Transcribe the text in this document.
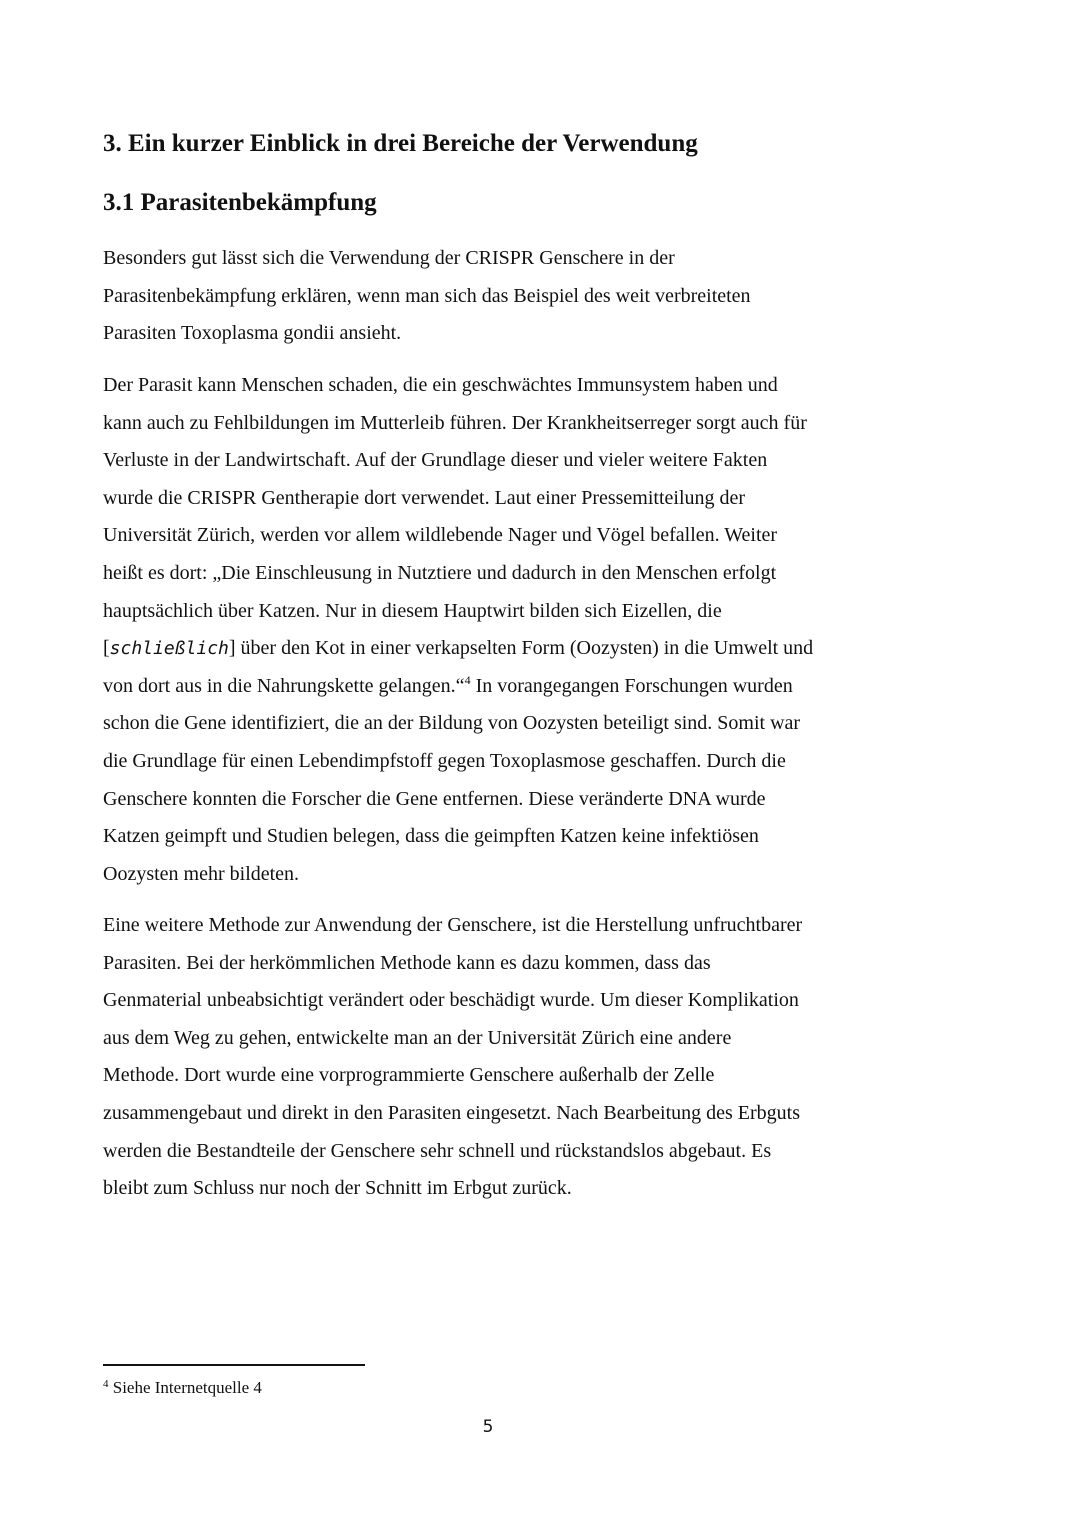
3. Ein kurzer Einblick in drei Bereiche der Verwendung
3.1 Parasitenbekämpfung
Besonders gut lässt sich die Verwendung der CRISPR Genschere in der
Parasitenbekämpfung erklären, wenn man sich das Beispiel des weit verbreiteten
Parasiten Toxoplasma gondii ansieht.
Der Parasit kann Menschen schaden, die ein geschwächtes Immunsystem haben und
kann auch zu Fehlbildungen im Mutterleib führen. Der Krankheitserreger sorgt auch für
Verluste in der Landwirtschaft. Auf der Grundlage dieser und vieler weitere Fakten
wurde die CRISPR Gentherapie dort verwendet. Laut einer Pressemitteilung der
Universität Zürich, werden vor allem wildlebende Nager und Vögel befallen. Weiter
heißt es dort: „Die Einschleusung in Nutztiere und dadurch in den Menschen erfolgt
hauptsächlich über Katzen. Nur in diesem Hauptwirt bilden sich Eizellen, die
[schließlich] über den Kot in einer verkapselten Form (Oozysten) in die Umwelt und
von dort aus in die Nahrungskette gelangen.“$^4$ In vorangegangen Forschungen wurden
schon die Gene identifiziert, die an der Bildung von Oozysten beteiligt sind. Somit war
die Grundlage für einen Lebendimpfstoff gegen Toxoplasmose geschaffen. Durch die
Genschere konnten die Forscher die Gene entfernen. Diese veränderte DNA wurde
Katzen geimpft und Studien belegen, dass die geimpften Katzen keine infektiösen
Oozysten mehr bildeten.
Eine weitere Methode zur Anwendung der Genschere, ist die Herstellung unfruchtbarer
Parasiten. Bei der herkömmlichen Methode kann es dazu kommen, dass das
Genmaterial unbeabsichtigt verändert oder beschädigt wurde. Um dieser Komplikation
aus dem Weg zu gehen, entwickelte man an der Universität Zürich eine andere
Methode. Dort wurde eine vorprogrammierte Genschere außerhalb der Zelle
zusammengebaut und direkt in den Parasiten eingesetzt. Nach Bearbeitung des Erbguts
werden die Bestandteile der Genschere sehr schnell und rückstandslos abgebaut. Es
bleibt zum Schluss nur noch der Schnitt im Erbgut zurück.
$^4$ Siehe Internetquelle 4
5
